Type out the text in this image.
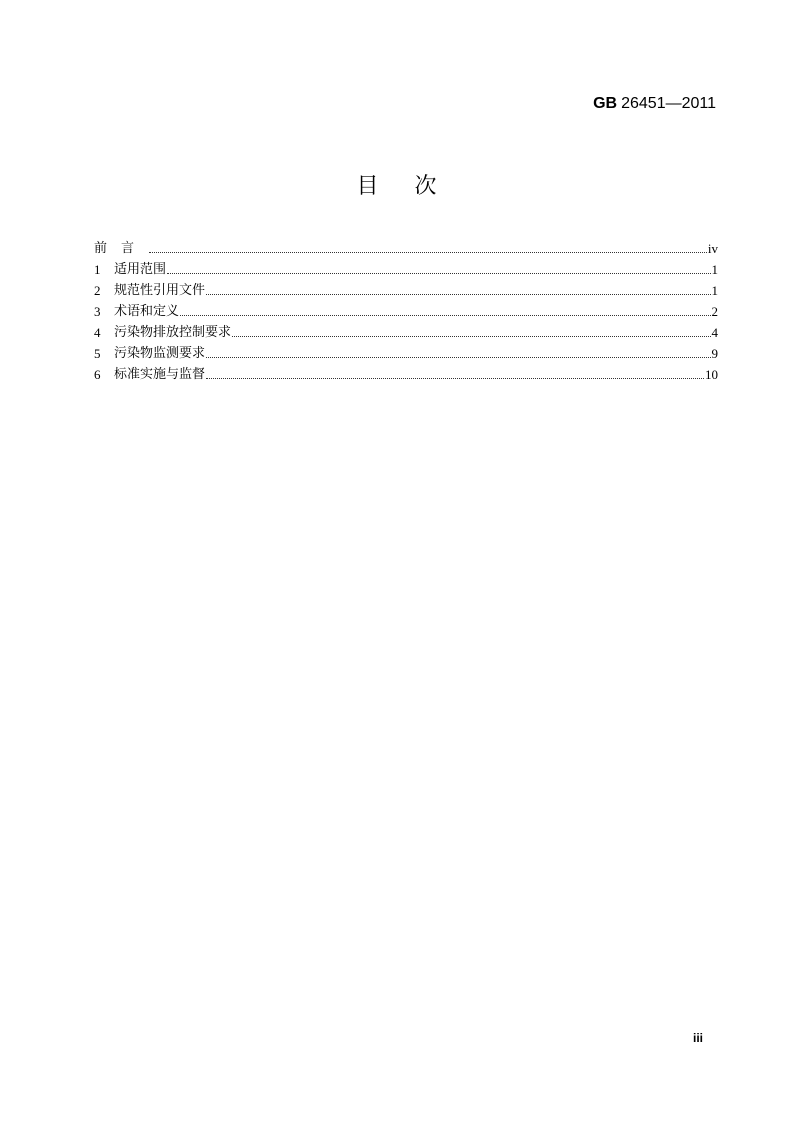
GB 26451—2011
目次
前言	iv
1	适用范围	1
2	规范性引用文件	1
3	术语和定义	2
4	污染物排放控制要求	4
5	污染物监测要求	9
6	标准实施与监督	10
iii
